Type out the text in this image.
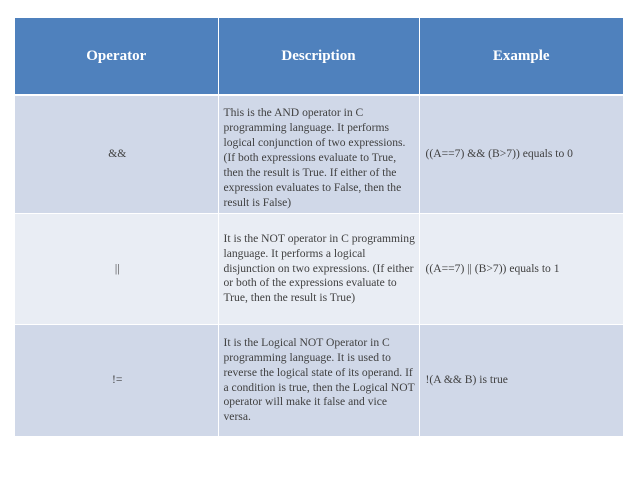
Operator	Description	Example
&&	This is the AND operator in C programming language. It performs logical conjunction of two expressions. (If both expressions evaluate to True, then the result is True. If either of the expression evaluates to False, then the result is False)	((A==7) && (B>7)) equals to 0
||	It is the NOT operator in C programming language. It performs a logical disjunction on two expressions. (If either or both of the expressions evaluate to True, then the result is True)	((A==7) || (B>7)) equals to 1
!=	It is the Logical NOT Operator in C programming language. It is used to reverse the logical state of its operand. If a condition is true, then the Logical NOT operator will make it false and vice versa.	!(A && B) is true
